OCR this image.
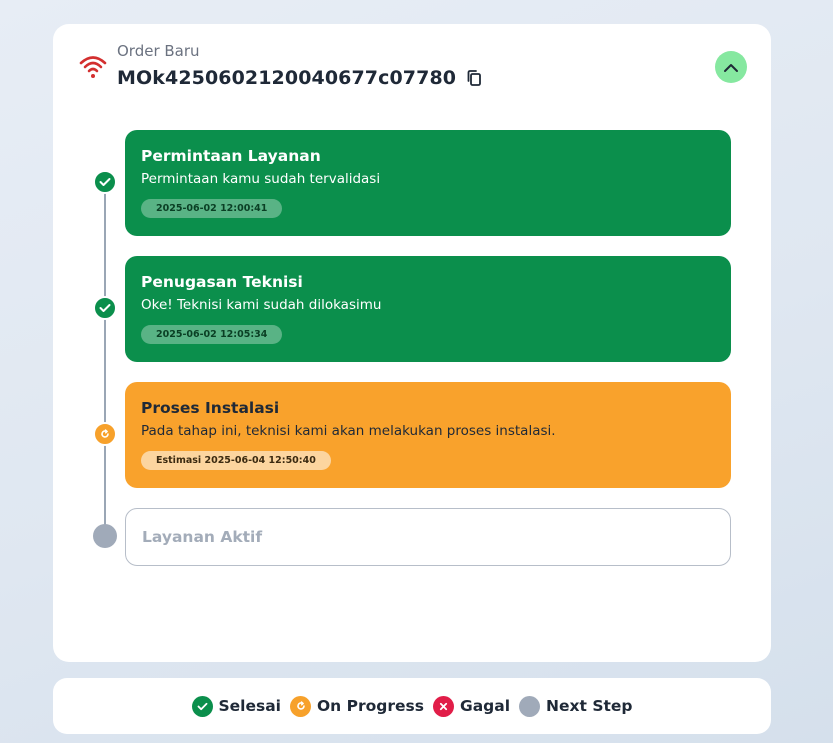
Order Baru
MOk425060212004067​7c07780
Permintaan Layanan
Permintaan kamu sudah tervalidasi
2025-06-02 12:00:41
Penugasan Teknisi
Oke! Teknisi kami sudah dilokasimu
2025-06-02 12:05:34
Proses Instalasi
Pada tahap ini, teknisi kami akan melakukan proses instalasi.
Estimasi 2025-06-04 12:50:40
Layanan Aktif
Selesai On Progress Gagal Next Step
